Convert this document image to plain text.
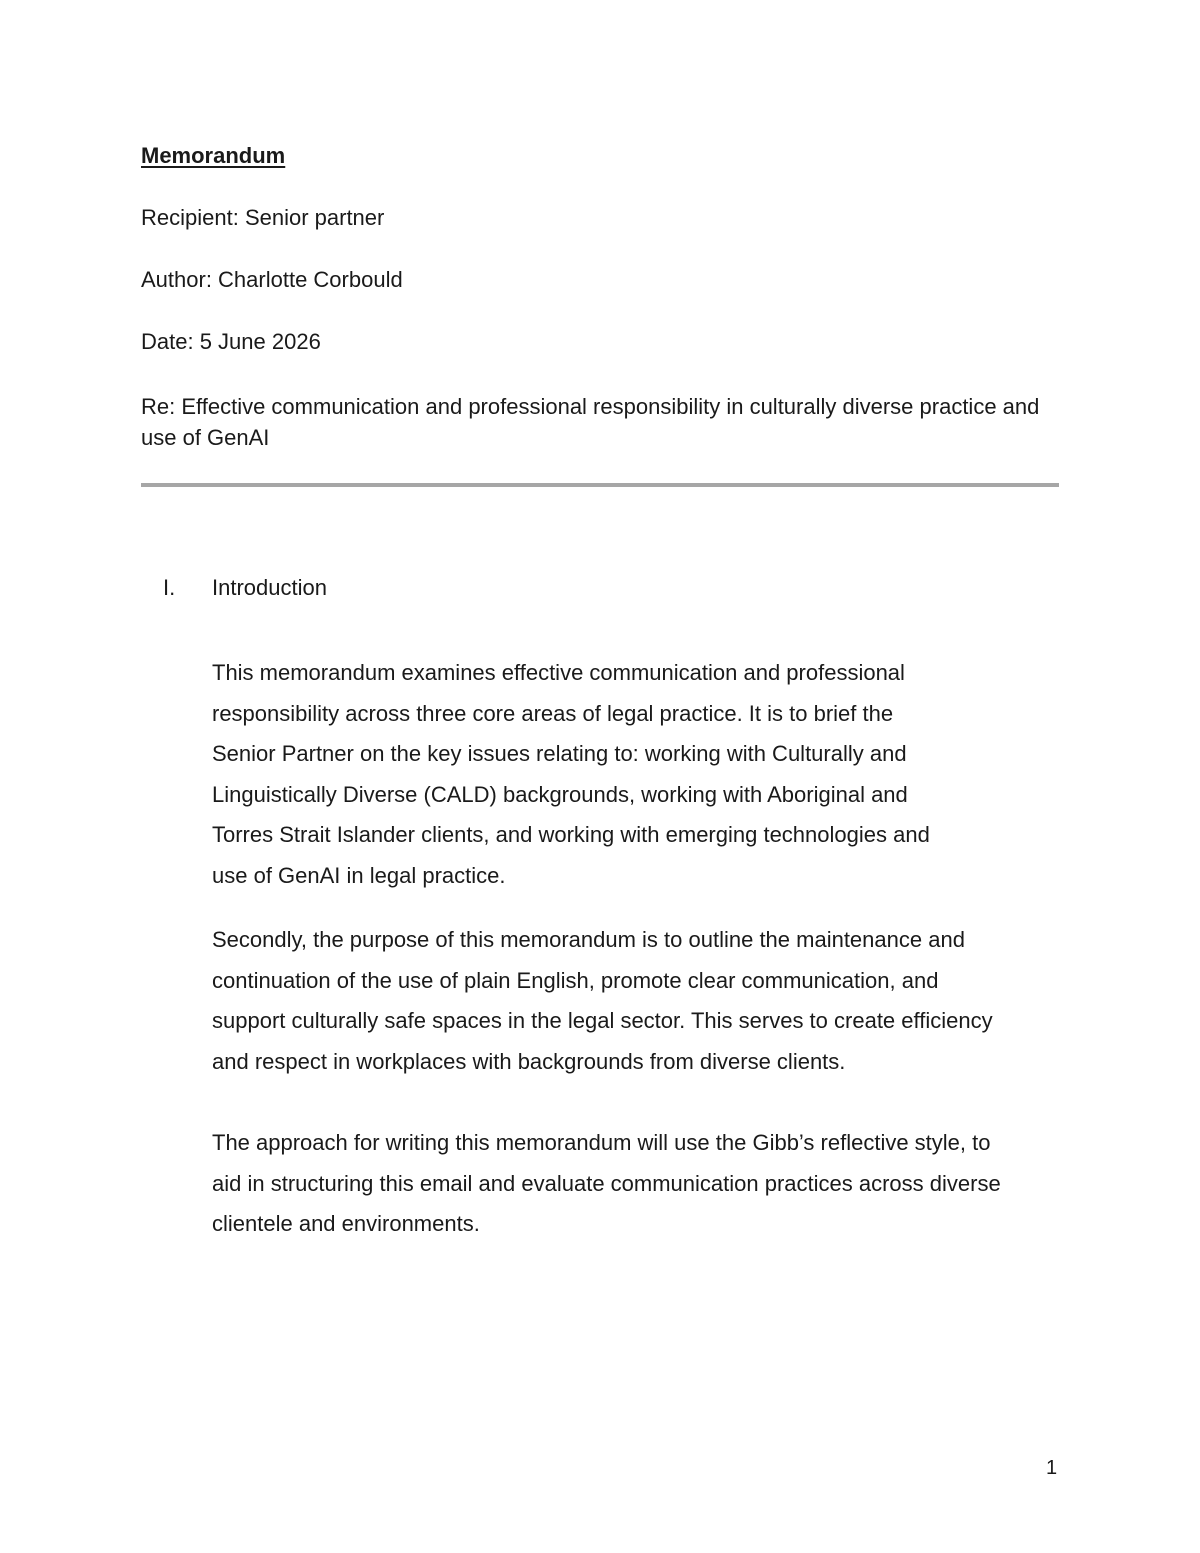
Memorandum

Recipient: Senior partner

Author: Charlotte Corbould

Date: 5 June 2026

Re: Effective communication and professional responsibility in culturally diverse practice and use of GenAI

I. Introduction

This memorandum examines effective communication and professional
responsibility across three core areas of legal practice. It is to brief the
Senior Partner on the key issues relating to: working with Culturally and
Linguistically Diverse (CALD) backgrounds, working with Aboriginal and
Torres Strait Islander clients, and working with emerging technologies and
use of GenAI in legal practice.

Secondly, the purpose of this memorandum is to outline the maintenance and
continuation of the use of plain English, promote clear communication, and
support culturally safe spaces in the legal sector. This serves to create efficiency
and respect in workplaces with backgrounds from diverse clients.

The approach for writing this memorandum will use the Gibb’s reflective style, to
aid in structuring this email and evaluate communication practices across diverse
clientele and environments.

1
